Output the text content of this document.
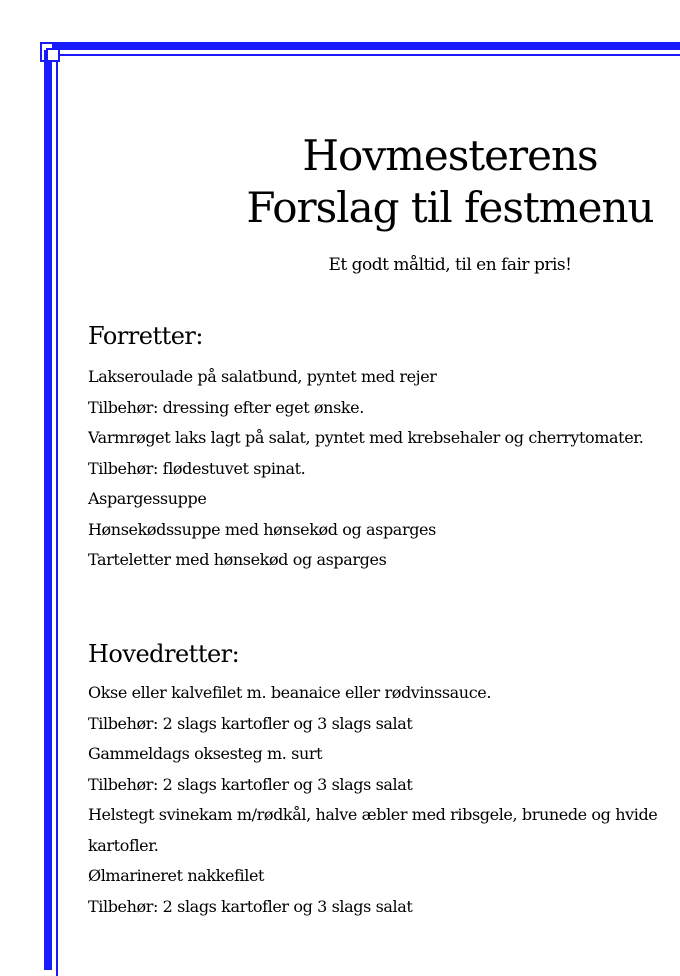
Hovmesterens
Forslag til festmenu
Et godt måltid, til en fair pris!
Forretter:
Lakseroulade på salatbund, pyntet med rejer
Tilbehør: dressing efter eget ønske.
Varmrøget laks lagt på salat, pyntet med krebsehaler og cherrytomater.
Tilbehør: flødestuvet spinat.
Aspargessuppe
Hønsekødssuppe med hønsekød og asparges
Tarteletter med hønsekød og asparges
Hovedretter:
Okse eller kalvefilet m. beanaice eller rødvinssauce.
Tilbehør: 2 slags kartofler og 3 slags salat
Gammeldags oksesteg m. surt
Tilbehør: 2 slags kartofler og 3 slags salat
Helstegt svinekam m/rødkål, halve æbler med ribsgele, brunede og hvide
kartofler.
Ølmarineret nakkefilet
Tilbehør: 2 slags kartofler og 3 slags salat
